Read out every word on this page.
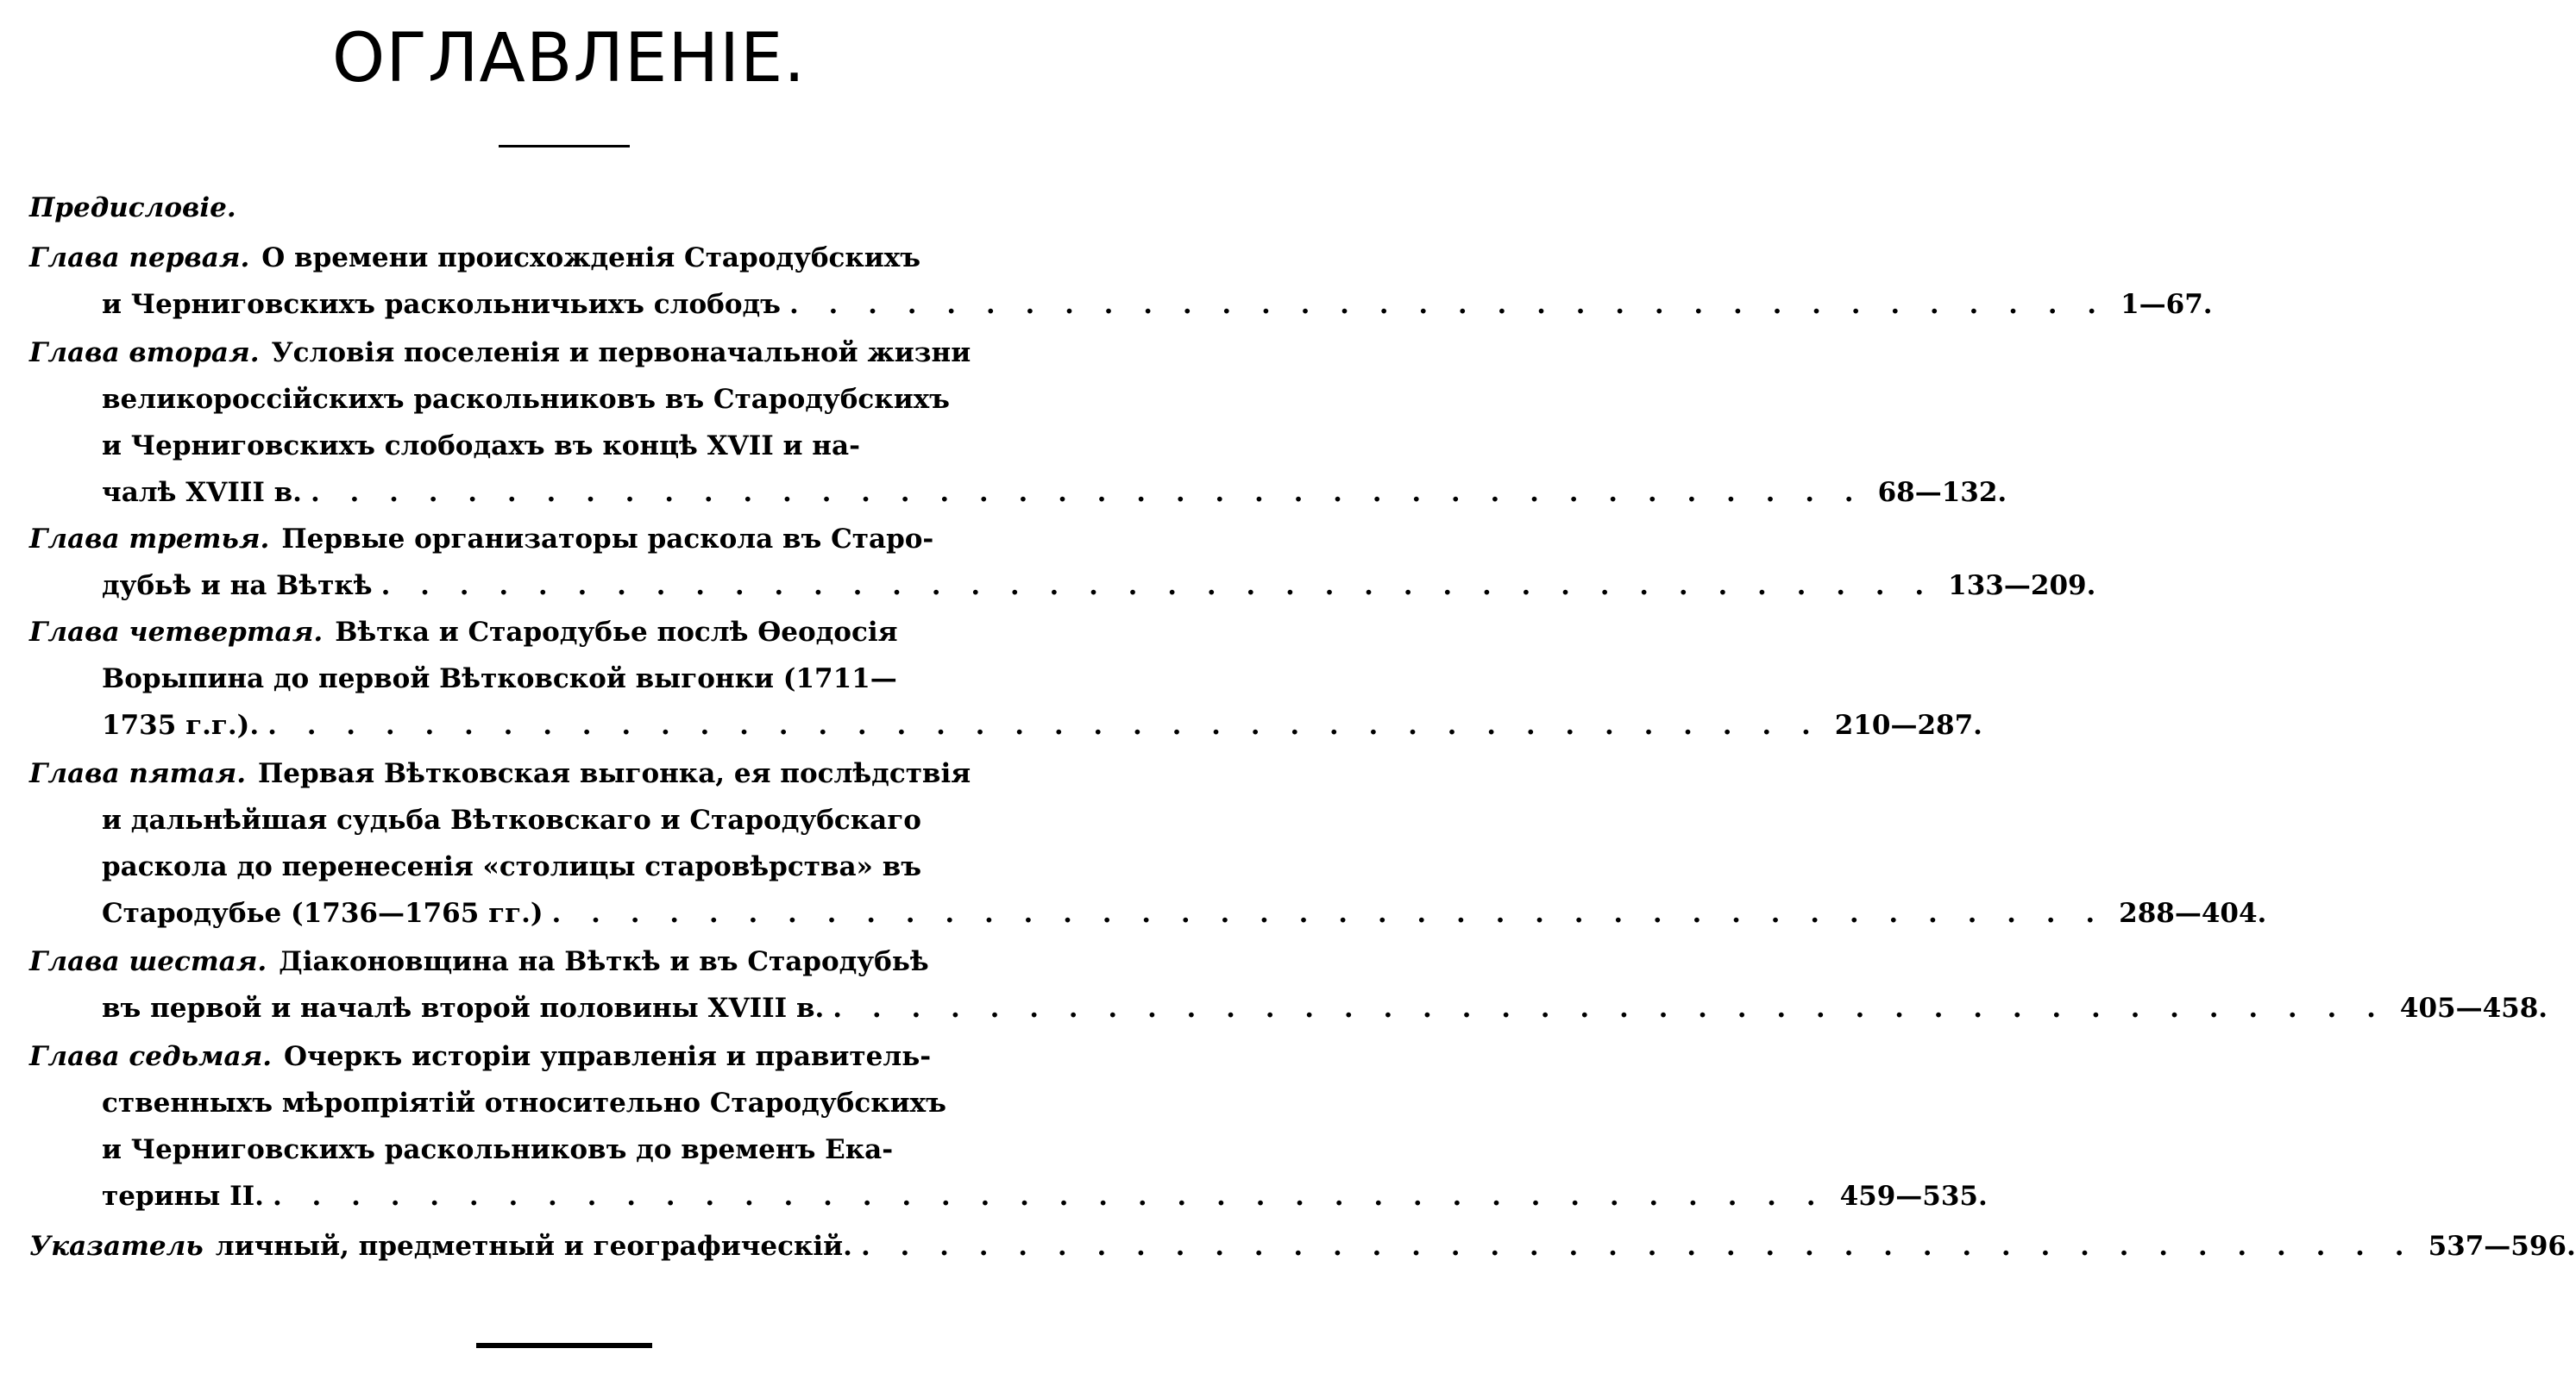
ОГЛАВЛЕНІЕ.
Предисловіе.
Глава первая. О времени происхожденія Стародубскихъ
и Черниговскихъ раскольничьихъ слободъ . . . . . . . . . . . . . . . . . . . . . . . . . . . . . . . . . . 1—67.
Глава вторая. Условія поселенія и первоначальной жизни
великороссійскихъ раскольниковъ въ Стародубскихъ
и Черниговскихъ слободахъ въ концѣ XVII и на-
чалѣ XVIII в. . . . . . . . . . . . . . . . . . . . . . . . . . . . . . . . . . . . . . . . . 68—132.
Глава третья. Первые организаторы раскола въ Старо-
дубьѣ и на Вѣткѣ . . . . . . . . . . . . . . . . . . . . . . . . . . . . . . . . . . . . . . . . 133—209.
Глава четвертая. Вѣтка и Стародубье послѣ Ѳеодосія
Ворыпина до первой Вѣтковской выгонки (1711—
1735 г.г.). . . . . . . . . . . . . . . . . . . . . . . . . . . . . . . . . . . . . . . . . 210—287.
Глава пятая. Первая Вѣтковская выгонка, ея послѣдствія
и дальнѣйшая судьба Вѣтковскаго и Стародубскаго
раскола до перенесенія «столицы старовѣрства» въ
Стародубье (1736—1765 гг.) . . . . . . . . . . . . . . . . . . . . . . . . . . . . . . . . . . . . . . . . 288—404.
Глава шестая. Діаконовщина на Вѣткѣ и въ Стародубьѣ
въ первой и началѣ второй половины XVIII в. . . . . . . . . . . . . . . . . . . . . . . . . . . . . . . . . . . . . . . . . 405—458.
Глава седьмая. Очеркъ исторіи управленія и правитель-
ственныхъ мѣропріятій относительно Стародубскихъ
и Черниговскихъ раскольниковъ до временъ Ека-
терины II. . . . . . . . . . . . . . . . . . . . . . . . . . . . . . . . . . . . . . . . . 459—535.
Указатель личный, предметный и географическій. . . . . . . . . . . . . . . . . . . . . . . . . . . . . . . . . . . . . . . . . 537—596.
